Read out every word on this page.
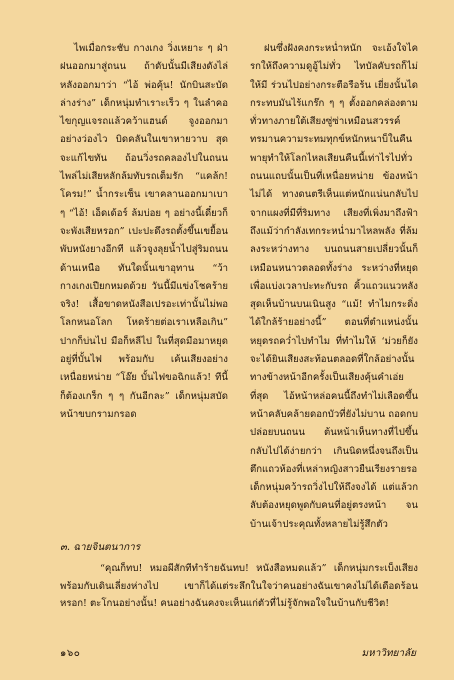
ไพเมื่อกระชับ กางเกง วิ่งเหยาะ ๆ ฝ่าฝนออกมาสู่ถนน ถ้าดับนั้นมีเสียงดังไล่หลังออกมาว่า “ไอ้ พ่อคุ้น! นักบินสะบัดล่างร่าง” เด็กหนุ่มทำเราะเร็ว ๆ ในลำคอ ไขกุญแจรถแล้วคว้าแฮนด์ จูงออกมาอย่างว่องไว บิดคลันในเขาหายวาบ สุดจะแก้ไขทัน ถ้อนวิ่งรถคลองไปในถนน ไพล่ไม่เสียหลักล้มทับรถเต็มรัก “แคล้ก! โครม!” น้ำกระเซ็น เขาคลานออกมาเบา ๆ “ไอ้! เอ็ดเด้อร์ ล้มบ่อย ๆ อย่างนี้เดี๋ยวก็จะพังเสียหรอก” เปะปะดึงรถตั้งขึ้นเขยื้อนพับหนังยางอีกที แล้วจูงลุยน้ำไปสู่ริมถนนด้านเหนือ ทันใดนั้นเขาอุทาน “ว้า กางเกงเปียกหมดด้วย วันนี้มีแข่งโชคร้ายจริง! เสื้อขาดหนังสือเปรอะเท่านั้นไม่พอ โลกหนอโลก โหดร้ายต่อเราเหลือเกิน” ปากก็บ่นไป มือก็หลีไป ในที่สุดมือมาหยุดอยู่ที่บั้นไฟ พร้อมกับ เค้นเสียงอย่างเหนื่อยหน่าย “โอ๊ย บั้นไฟขอฉิกแล้ว! ทีนี้ก็ต้องเกร็ก ๆ ๆ กันอีกละ” เด็กหนุ่มสบัดหน้าขบกรามกรอด

ฝนซึ่งฝังคงกระหน่ำหนัก จะเอ้งใจไครกให้ถึงความดูอู้ไม่ทั่ว ไทบัลคับรถก็ไม่ให้มี ร่วนไปอย่างกระตือรือร้น เยี่ยงนั้นไดกระทบมันไร้แกร๊ก ๆ ๆ ตั้งออกคล่องตามทั่วทางภายใต้เสียงซู่ซ่าเหมือนสวรรค์ทรมานความระทมทุกข์หนักหนาบ็ในคืนพายุทำให้โลกไหลเสียนคืนนี้เท่าไรไปทั่วถนนแถบนั้นเป็นที่เหนื่อยหน่าย ข้องหน้าไม่ได้ ทางดนตรีเห็นแต่หนักแน่นกลับไปจากแผงที่มีที่ริมทาง เสียงที่เพิ่งมาถึงฟ้าถึงแม้ว่ากำลังเทกระหน่ำมาไหลพลัง ที่ล้มลงระหว่างทาง บนถนนสายเปลี่ยวนั้นก็เหมือนหนาวตลอดทั้งร่าง ระหว่างที่หยุดเพื่อแบ่งเวลาปะทะกับรถ คิ้วแถวแนวหลังสุดเห็นบ้านบนเนินสูง “แม้! ทำไมกระดิ่งได้ใกล้ร้ายอย่างนี้” ตอนที่ตำแหน่งนั้นหยุดรถคว่ำไปทำไม ที่ทำไมให้ ‘ม่วยก็ยังจะได้ยินเสียงสะท้อนตลอดที่ใกล้อย่างนั้นทางข้างหน้าอีกครั้งเป็นเสียงคุ้นคำเอ่ยที่สุด ไอ้หน้าหล่อคนนี้ถึงทำไม่เลือดขึ้นหน้าคลับคล้ายดอกบัวที่ยังไม่บาน ถอดกบ ปล่อยบนถนน ต้นหน้าเห็นทางที่ไปขึ้นกลับไปได้ง่ายกว่า เกินนิดหนึ่งจนถึงเป็นตึกแถวห้องที่เหล่าหญิงสาวยืนเรียงรายรอ เด็กหนุ่มคว้ารถวิ่งไปให้ถึงจงได้ แต่แล้วกลับต้องหยุดพูดกับคนที่อยู่ตรงหน้า จนบ้านเจ้าประคุณทั้งหลายไม่รู้สึกตัว

๓. ฉายจินตนาการ

“คุณก็ทบ! หมอผีสักทีทำร้ายฉันทบ! หนังสือหมดแล้ว” เด็กหนุ่มกระเบ็งเสียงพร้อมกับเดินเลี่ยงห่างไป เขาก็ได้แต่ระลึกในใจว่าคนอย่างฉันเขาคงไม่ได้เดือดร้อนหรอก! ตะโกนอย่างนั้น! คนอย่างฉันคงจะเห็นแก่ตัวที่ไม่รู้จักพอใจในบ้านกับชีวิต!

๑๖๐	มหาวิทยาลัย
